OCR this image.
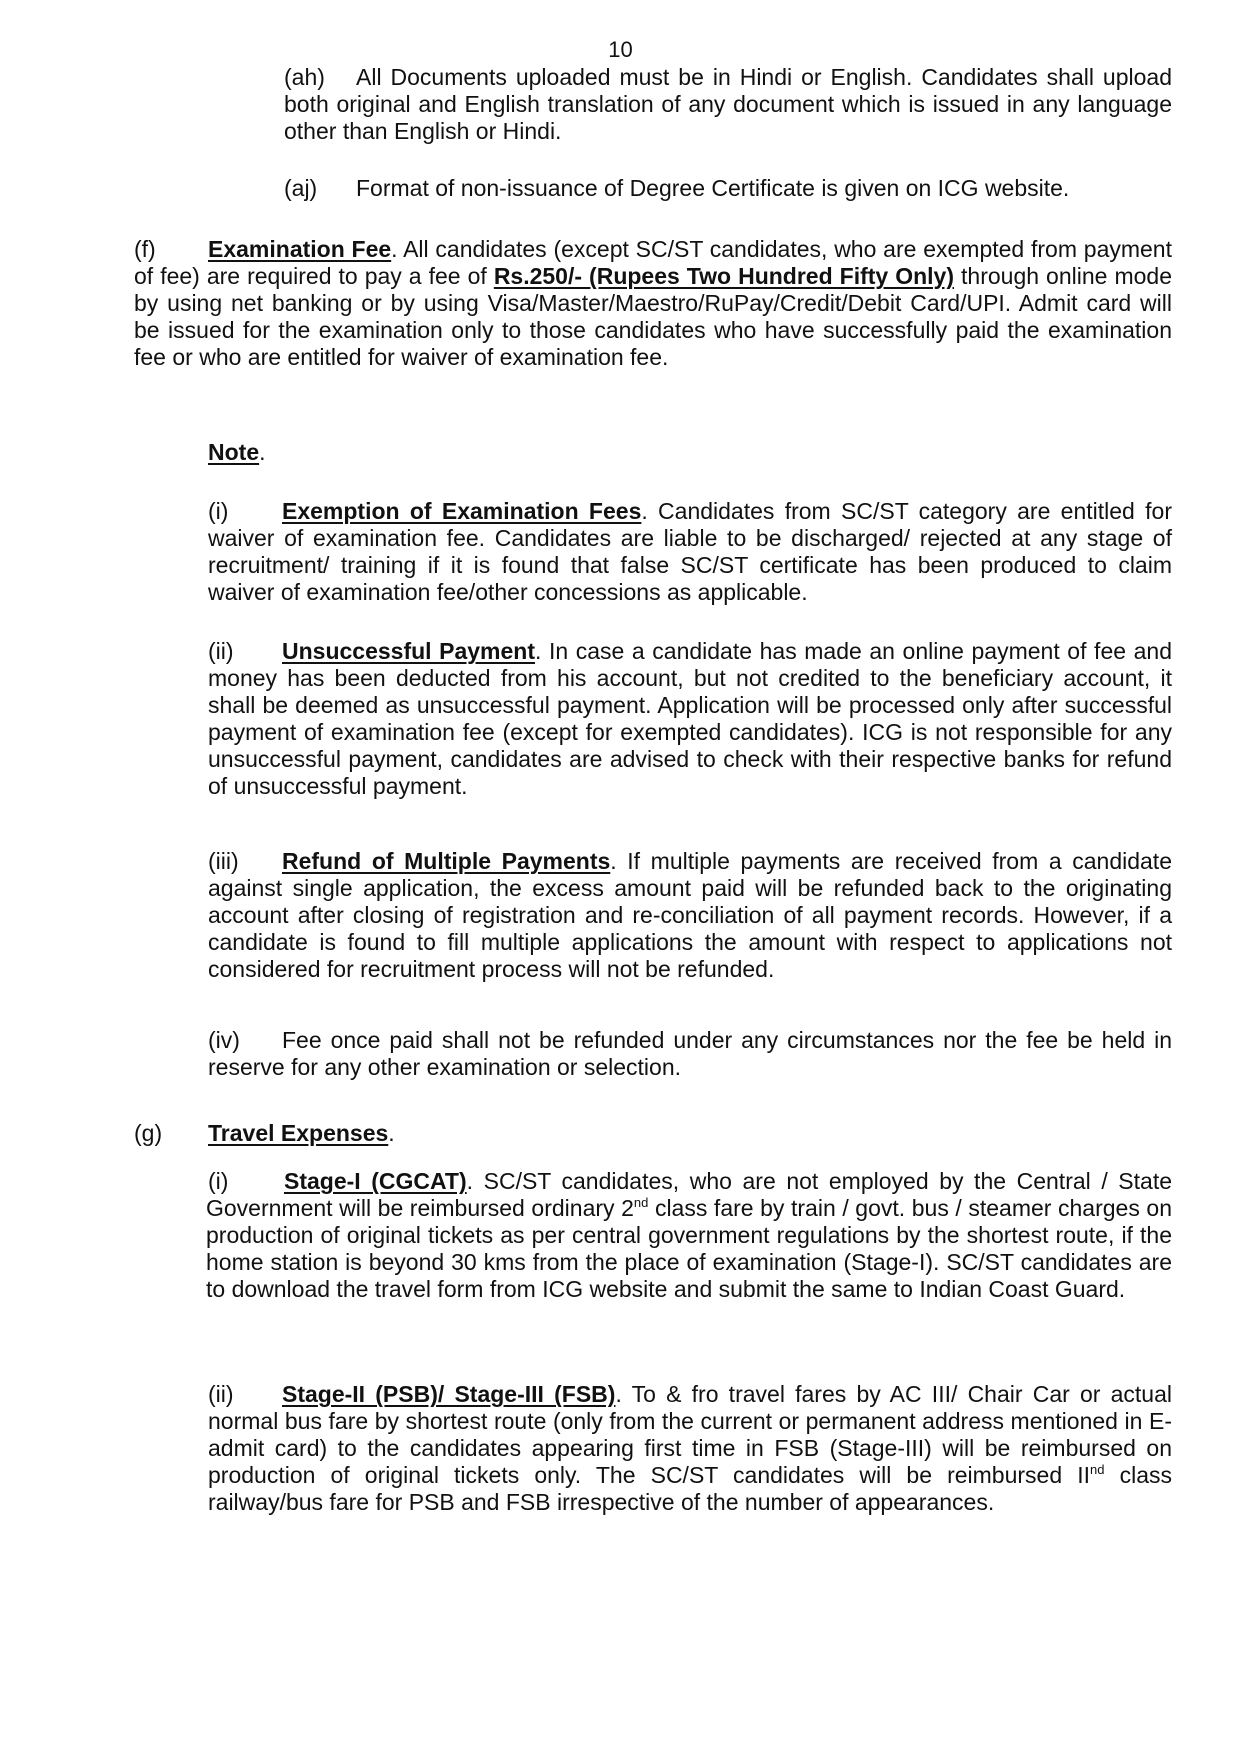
10

(ah) All Documents uploaded must be in Hindi or English. Candidates shall upload both original and English translation of any document which is issued in any language other than English or Hindi.

(aj) Format of non-issuance of Degree Certificate is given on ICG website.

(f) Examination Fee. All candidates (except SC/ST candidates, who are exempted from payment of fee) are required to pay a fee of Rs.250/- (Rupees Two Hundred Fifty Only) through online mode by using net banking or by using Visa/Master/Maestro/RuPay/Credit/Debit Card/UPI. Admit card will be issued for the examination only to those candidates who have successfully paid the examination fee or who are entitled for waiver of examination fee.

Note.

(i) Exemption of Examination Fees. Candidates from SC/ST category are entitled for waiver of examination fee. Candidates are liable to be discharged/ rejected at any stage of recruitment/ training if it is found that false SC/ST certificate has been produced to claim waiver of examination fee/other concessions as applicable.

(ii) Unsuccessful Payment. In case a candidate has made an online payment of fee and money has been deducted from his account, but not credited to the beneficiary account, it shall be deemed as unsuccessful payment. Application will be processed only after successful payment of examination fee (except for exempted candidates). ICG is not responsible for any unsuccessful payment, candidates are advised to check with their respective banks for refund of unsuccessful payment.

(iii) Refund of Multiple Payments. If multiple payments are received from a candidate against single application, the excess amount paid will be refunded back to the originating account after closing of registration and re-conciliation of all payment records. However, if a candidate is found to fill multiple applications the amount with respect to applications not considered for recruitment process will not be refunded.

(iv) Fee once paid shall not be refunded under any circumstances nor the fee be held in reserve for any other examination or selection.

(g) Travel Expenses.

(i) Stage-I (CGCAT). SC/ST candidates, who are not employed by the Central / State Government will be reimbursed ordinary 2nd class fare by train / govt. bus / steamer charges on production of original tickets as per central government regulations by the shortest route, if the home station is beyond 30 kms from the place of examination (Stage-I). SC/ST candidates are to download the travel form from ICG website and submit the same to Indian Coast Guard.

(ii) Stage-II (PSB)/ Stage-III (FSB). To & fro travel fares by AC III/ Chair Car or actual normal bus fare by shortest route (only from the current or permanent address mentioned in E-admit card) to the candidates appearing first time in FSB (Stage-III) will be reimbursed on production of original tickets only. The SC/ST candidates will be reimbursed IInd class railway/bus fare for PSB and FSB irrespective of the number of appearances.
